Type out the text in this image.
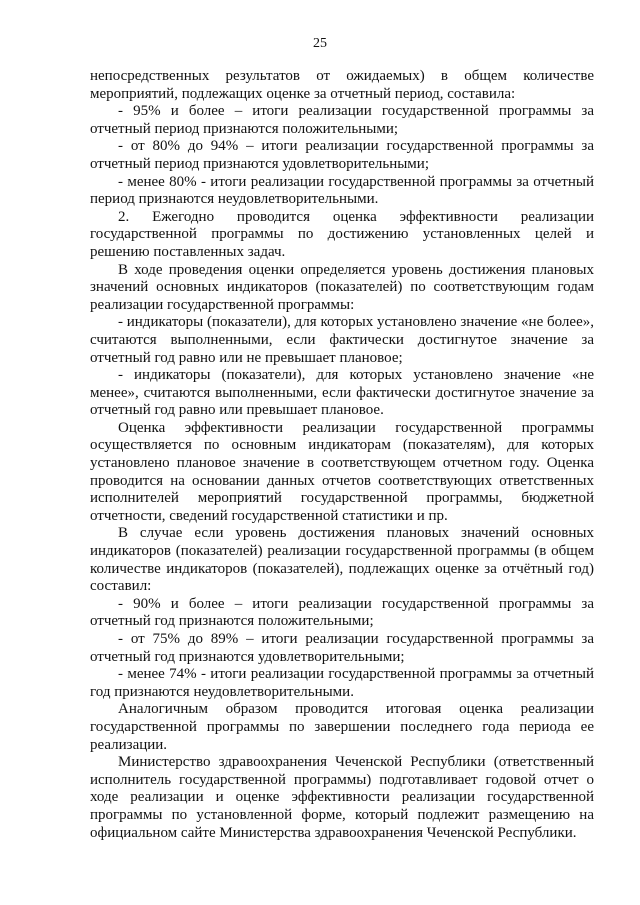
25

непосредственных результатов от ожидаемых) в общем количестве мероприятий, подлежащих оценке за отчетный период, составила:

- 95% и более – итоги реализации государственной программы за отчетный период признаются положительными;

- от 80% до 94% – итоги реализации государственной программы за отчетный период признаются удовлетворительными;

- менее 80% - итоги реализации государственной программы за отчетный период признаются неудовлетворительными.

2. Ежегодно проводится оценка эффективности реализации государственной программы по достижению установленных целей и решению поставленных задач.

В ходе проведения оценки определяется уровень достижения плановых значений основных индикаторов (показателей) по соответствующим годам реализации государственной программы:

- индикаторы (показатели), для которых установлено значение «не более», считаются выполненными, если фактически достигнутое значение за отчетный год равно или не превышает плановое;

- индикаторы (показатели), для которых установлено значение «не менее», считаются выполненными, если фактически достигнутое значение за отчетный год равно или превышает плановое.

Оценка эффективности реализации государственной программы осуществляется по основным индикаторам (показателям), для которых установлено плановое значение в соответствующем отчетном году. Оценка проводится на основании данных отчетов соответствующих ответственных исполнителей мероприятий государственной программы, бюджетной отчетности, сведений государственной статистики и пр.

В случае если уровень достижения плановых значений основных индикаторов (показателей) реализации государственной программы (в общем количестве индикаторов (показателей), подлежащих оценке за отчётный год) составил:

- 90% и более – итоги реализации государственной программы за отчетный год признаются положительными;

- от 75% до 89% – итоги реализации государственной программы за отчетный год признаются удовлетворительными;

- менее 74% - итоги реализации государственной программы за отчетный год признаются неудовлетворительными.

Аналогичным образом проводится итоговая оценка реализации государственной программы по завершении последнего года периода ее реализации.

Министерство здравоохранения Чеченской Республики (ответственный исполнитель государственной программы) подготавливает годовой отчет о ходе реализации и оценке эффективности реализации государственной программы по установленной форме, который подлежит размещению на официальном сайте Министерства здравоохранения Чеченской Республики.
